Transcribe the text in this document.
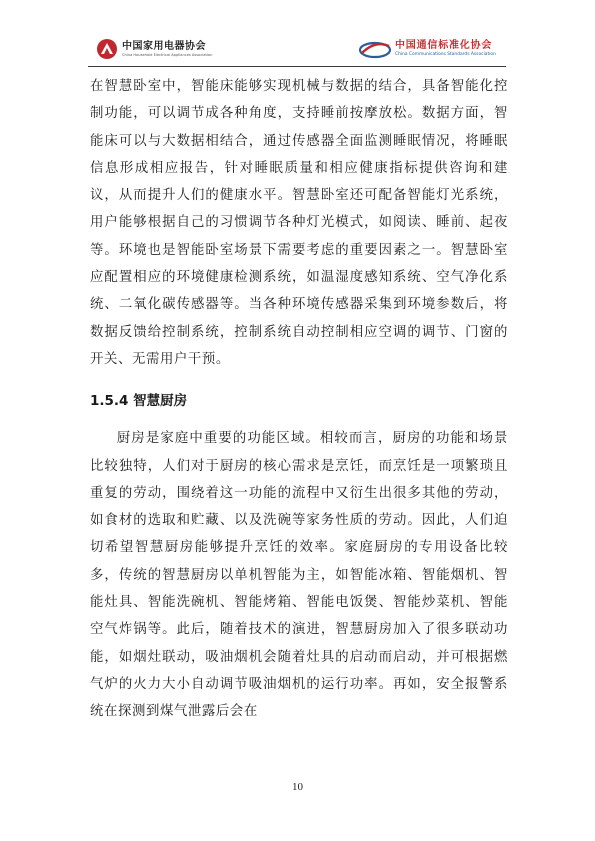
中国家用电器协会
China Household Electrical Appliances Association
中国通信标准化协会
China Communications Standards Association

在智慧卧室中，智能床能够实现机械与数据的结合，具备智能化控制功能，可以调节成各种角度，支持睡前按摩放松。数据方面，智能床可以与大数据相结合，通过传感器全面监测睡眠情况，将睡眠信息形成相应报告，针对睡眠质量和相应健康指标提供咨询和建议，从而提升人们的健康水平。智慧卧室还可配备智能灯光系统，用户能够根据自己的习惯调节各种灯光模式，如阅读、睡前、起夜等。环境也是智能卧室场景下需要考虑的重要因素之一。智慧卧室应配置相应的环境健康检测系统，如温湿度感知系统、空气净化系统、二氧化碳传感器等。当各种环境传感器采集到环境参数后，将数据反馈给控制系统，控制系统自动控制相应空调的调节、门窗的开关、无需用户干预。

1.5.4 智慧厨房

厨房是家庭中重要的功能区域。相较而言，厨房的功能和场景比较独特，人们对于厨房的核心需求是烹饪，而烹饪是一项繁琐且重复的劳动，围绕着这一功能的流程中又衍生出很多其他的劳动，如食材的选取和贮藏、以及洗碗等家务性质的劳动。因此，人们迫切希望智慧厨房能够提升烹饪的效率。家庭厨房的专用设备比较多，传统的智慧厨房以单机智能为主，如智能冰箱、智能烟机、智能灶具、智能洗碗机、智能烤箱、智能电饭煲、智能炒菜机、智能空气炸锅等。此后，随着技术的演进，智慧厨房加入了很多联动功能，如烟灶联动，吸油烟机会随着灶具的启动而启动，并可根据燃气炉的火力大小自动调节吸油烟机的运行功率。再如，安全报警系统在探测到煤气泄露后会在

10
